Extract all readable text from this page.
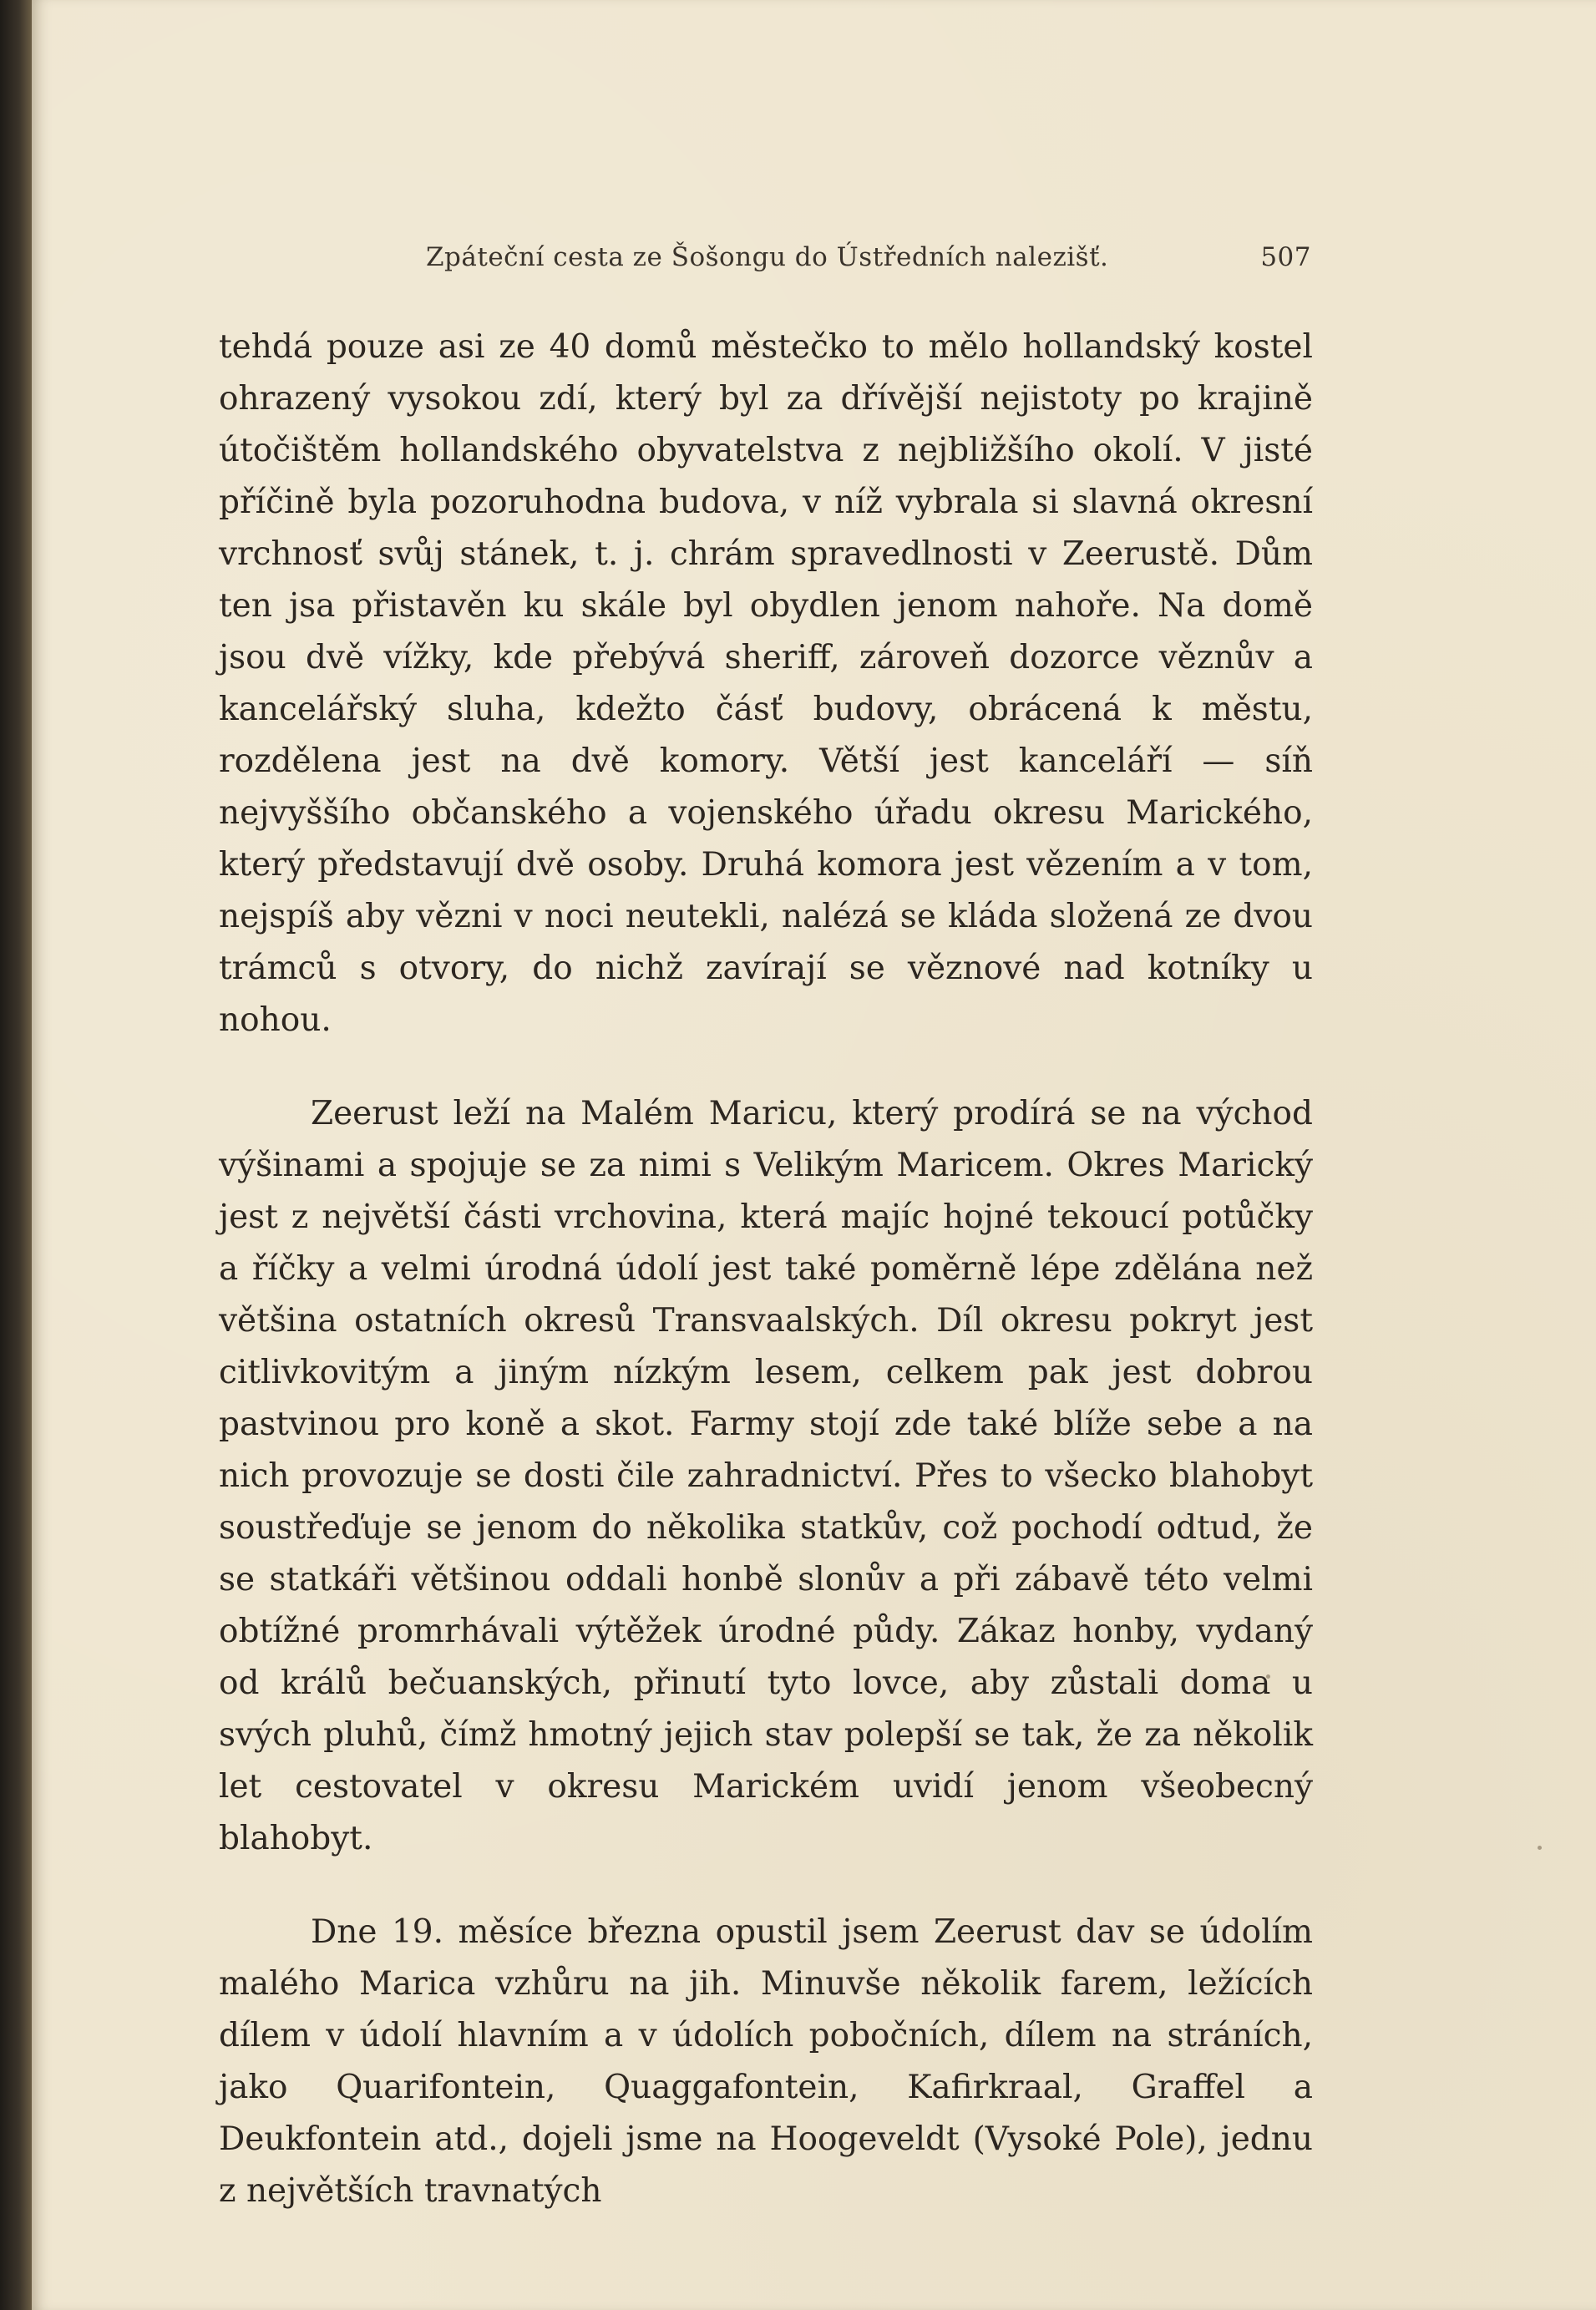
Zpáteční cesta ze Šošongu do Ústředních nalezišť.	507

tehdá pouze asi ze 40 domů městečko to mělo hollandský kostel ohrazený vysokou zdí, který byl za dřívější nejistoty po krajině útočištěm hollandského obyvatelstva z nejbližšího okolí. V jisté příčině byla pozoruhodna budova, v níž vybrala si slavná okresní vrchnosť svůj stánek, t. j. chrám spravedlnosti v Zeerustě. Dům ten jsa přistavěn ku skále byl obydlen jenom nahoře. Na domě jsou dvě vížky, kde přebývá sheriff, zároveň dozorce věznův a kancelářský sluha, kdežto čásť budovy, obrácená k městu, rozdělena jest na dvě komory. Větší jest kanceláří — síň nejvyššího občanského a vojenského úřadu okresu Marického, který představují dvě osoby. Druhá komora jest vězením a v tom, nejspíš aby vězni v noci neutekli, nalézá se kláda složená ze dvou trámců s otvory, do nichž zavírají se věznové nad kotníky u nohou.

Zeerust leží na Malém Maricu, který prodírá se na východ výšinami a spojuje se za nimi s Velikým Maricem. Okres Marický jest z největší části vrchovina, která majíc hojné tekoucí potůčky a říčky a velmi úrodná údolí jest také poměrně lépe zdělána než většina ostatních okresů Transvaalských. Díl okresu pokryt jest citlivkovitým a jiným nízkým lesem, celkem pak jest dobrou pastvinou pro koně a skot. Farmy stojí zde také blíže sebe a na nich provozuje se dosti čile zahradnictví. Přes to všecko blahobyt soustřeďuje se jenom do několika statkův, což pochodí odtud, že se statkáři většinou oddali honbě slonův a při zábavě této velmi obtížné promrhávali výtěžek úrodné půdy. Zákaz honby, vydaný od králů bečuanských, přinutí tyto lovce, aby zůstali doma u svých pluhů, čímž hmotný jejich stav polepší se tak, že za několik let cestovatel v okresu Marickém uvidí jenom všeobecný blahobyt.

Dne 19. měsíce března opustil jsem Zeerust dav se údolím malého Marica vzhůru na jih. Minuvše několik farem, ležících dílem v údolí hlavním a v údolích pobočních, dílem na stráních, jako Quarifontein, Quaggafontein, Kafirkraal, Graffel a Deukfontein atd., dojeli jsme na Hoogeveldt (Vysoké Pole), jednu z největších travnatých
